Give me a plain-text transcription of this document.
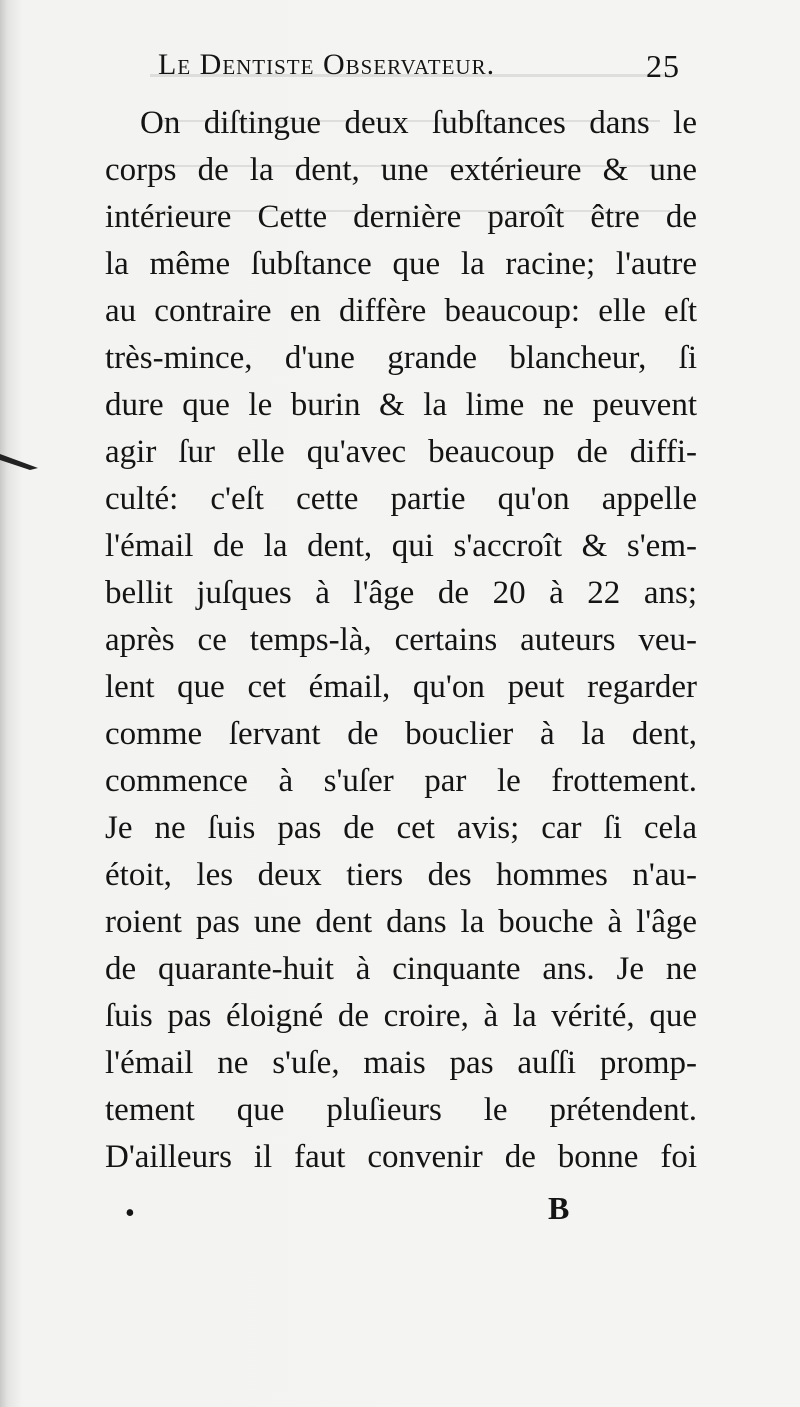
Le Dentiste Observateur.	25
On diſtingue deux ſubſtances dans le
corps de la dent, une extérieure & une
intérieure Cette dernière paroît être de
la même ſubſtance que la racine; l'autre
au contraire en diffère beaucoup: elle eſt
très-mince, d'une grande blancheur, ſi
dure que le burin & la lime ne peuvent
agir ſur elle qu'avec beaucoup de diffi-
culté: c'eſt cette partie qu'on appelle
l'émail de la dent, qui s'accroît & s'em-
bellit juſques à l'âge de 20 à 22 ans;
après ce temps-là, certains auteurs veu-
lent que cet émail, qu'on peut regarder
comme ſervant de bouclier à la dent,
commence à s'uſer par le frottement.
Je ne ſuis pas de cet avis; car ſi cela
étoit, les deux tiers des hommes n'au-
roient pas une dent dans la bouche à l'âge
de quarante-huit à cinquante ans. Je ne
ſuis pas éloigné de croire, à la vérité, que
l'émail ne s'uſe, mais pas auſſi promp-
tement que pluſieurs le prétendent.
D'ailleurs il faut convenir de bonne foi
•	B
